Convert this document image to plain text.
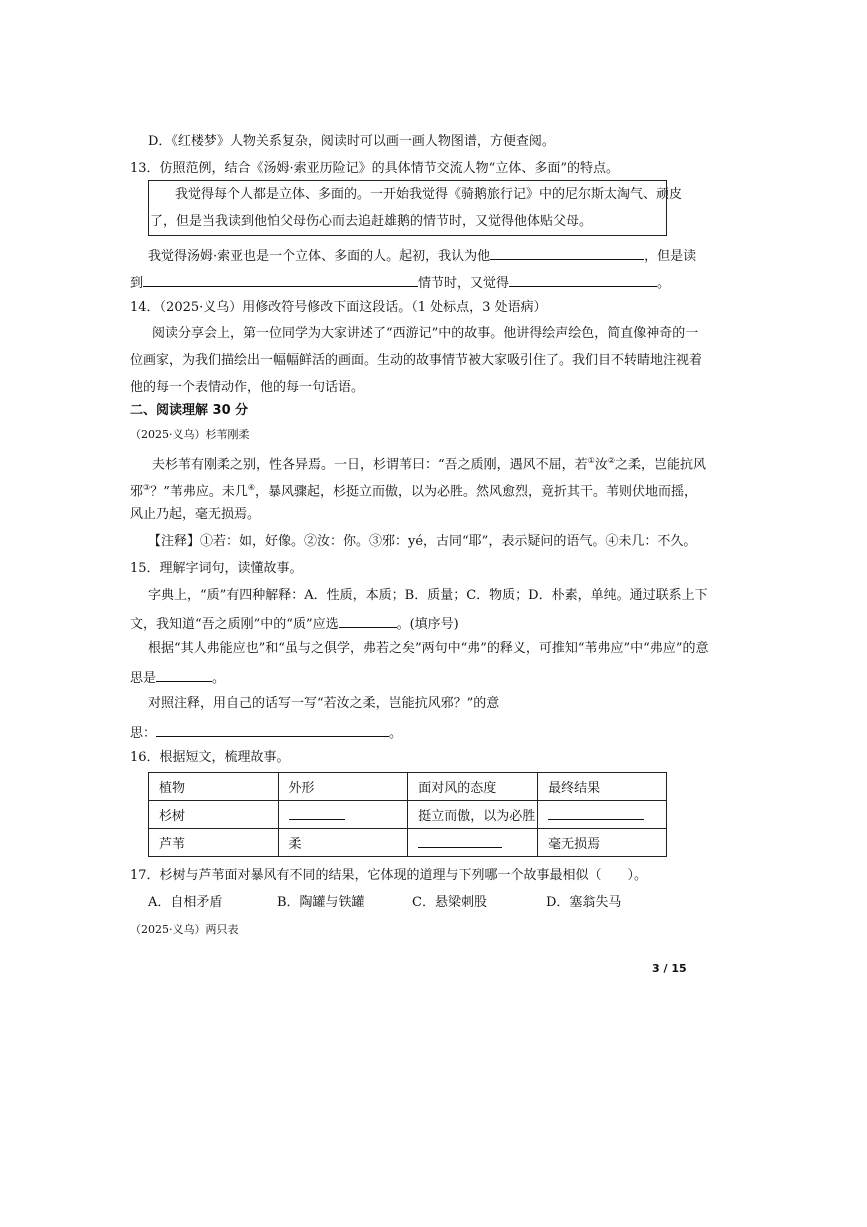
D．《红楼梦》人物关系复杂，阅读时可以画一画人物图谱，方便查阅。
13．仿照范例，结合《汤姆·索亚历险记》的具体情节交流人物“立体、多面”的特点。
我觉得每个人都是立体、多面的。一开始我觉得《骑鹅旅行记》中的尼尔斯太淘气、顽皮
了，但是当我读到他怕父母伤心而去追赶雄鹅的情节时，又觉得他体贴父母。
我觉得汤姆·索亚也是一个立体、多面的人。起初，我认为他	，但是读
到	情节时，又觉得	。
14．（2025·义乌）用修改符号修改下面这段话。（1 处标点，3 处语病）
阅读分享会上，第一位同学为大家讲述了“西游记”中的故事。他讲得绘声绘色，简直像神奇的一
位画家，为我们描绘出一幅幅鲜活的画面。生动的故事情节被大家吸引住了。我们目不转睛地注视着
他的每一个表情动作，他的每一句话语。
二、阅读理解 30 分
（2025·义乌）杉苇刚柔
夫杉苇有刚柔之别，性各异焉。一日，杉谓苇曰：“吾之质刚，遇风不屈，若①汝②之柔，岂能抗风
邪③？”苇弗应。未几④，暴风骤起，杉挺立而傲，以为必胜。然风愈烈，竟折其干。苇则伏地而摇，
风止乃起，毫无损焉。
【注释】①若：如，好像。②汝：你。③邪：yé，古同“耶”，表示疑问的语气。④未几：不久。
15．理解字词句，读懂故事。
字典上，“质”有四种解释：A．性质，本质；B．质量；C．物质；D．朴素，单纯。通过联系上下
文，我知道“吾之质刚”中的“质”应选	。(填序号)
根据“其人弗能应也”和“虽与之俱学，弗若之矣”两句中“弗”的释义，可推知“苇弗应”中“弗应”的意
思是	。
对照注释，用自己的话写一写“若汝之柔，岂能抗风邪？”的意
思：	。
16．根据短文，梳理故事。
植物	外形	面对风的态度	最终结果
杉树		挺立而傲，以为必胜	
芦苇	柔		毫无损焉
17．杉树与芦苇面对暴风有不同的结果，它体现的道理与下列哪一个故事最相似（　　）。
A．自相矛盾	B．陶罐与铁罐	C．悬梁刺股	D．塞翁失马
（2025·义乌）两只表
3 / 15
